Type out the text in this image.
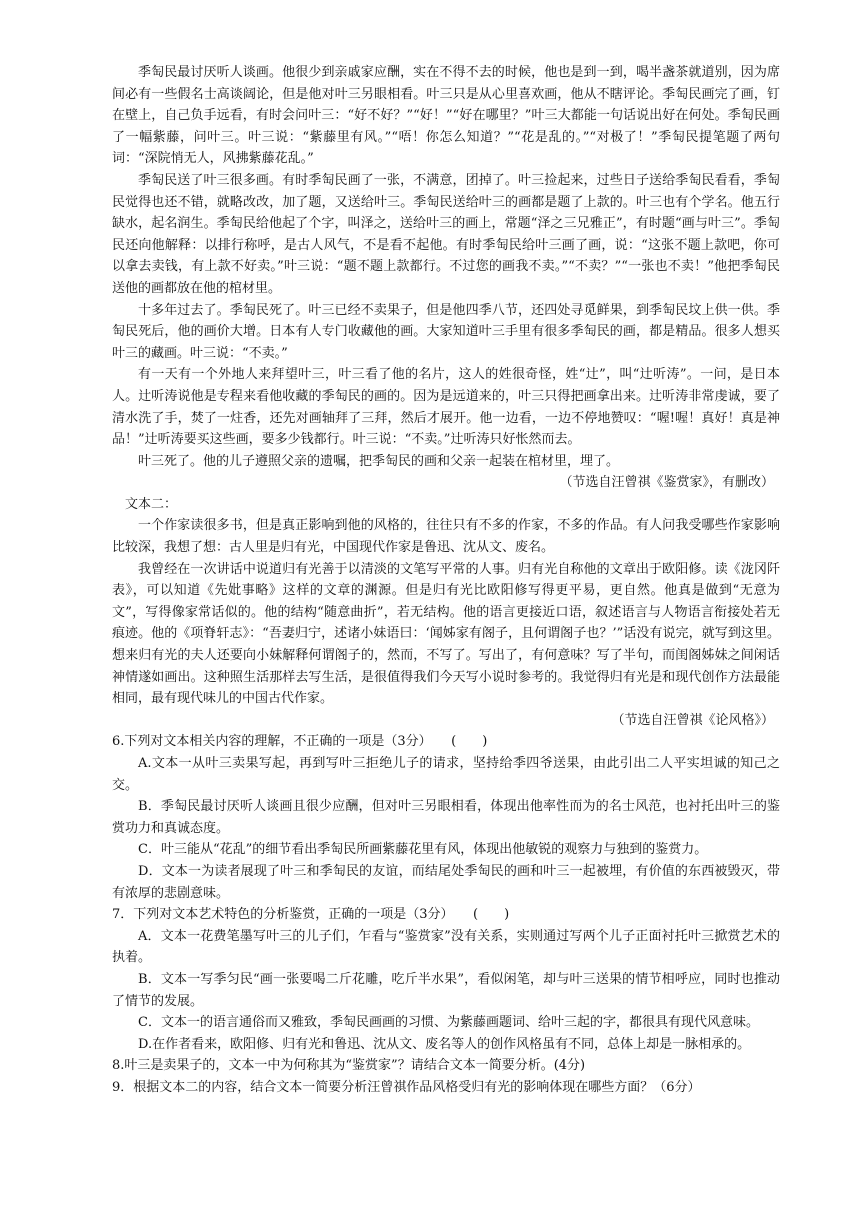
季匋民最讨厌听人谈画。他很少到亲戚家应酬，实在不得不去的时候，他也是到一到，喝半盏茶就道别，因为席间必有一些假名士高谈阔论，但是他对叶三另眼相看。叶三只是从心里喜欢画，他从不瞎评论。季匋民画完了画，钉在壁上，自己负手远看，有时会问叶三：“好不好？”“好！”“好在哪里？”叶三大都能一句话说出好在何处。季匋民画了一幅紫藤，问叶三。叶三说：“紫藤里有风。”“唔！你怎么知道？”“花是乱的。”“对极了！”季匋民提笔题了两句词：“深院悄无人，风拂紫藤花乱。”

季匋民送了叶三很多画。有时季匋民画了一张，不满意，团掉了。叶三捡起来，过些日子送给季匋民看看，季匋民觉得也还不错，就略改改，加了题，又送给叶三。季匋民送给叶三的画都是题了上款的。叶三也有个学名。他五行缺水，起名润生。季匋民给他起了个字，叫泽之，送给叶三的画上，常题“泽之三兄雅正”，有时题“画与叶三”。季匋民还向他解释：以排行称呼，是古人风气，不是看不起他。有时季匋民给叶三画了画，说：“这张不题上款吧，你可以拿去卖钱，有上款不好卖。”叶三说：“题不题上款都行。不过您的画我不卖。”“不卖？”“一张也不卖！”他把季匋民送他的画都放在他的棺材里。

十多年过去了。季匋民死了。叶三已经不卖果子，但是他四季八节，还四处寻觅鲜果，到季匋民坟上供一供。季匋民死后，他的画价大增。日本有人专门收藏他的画。大家知道叶三手里有很多季匋民的画，都是精品。很多人想买叶三的藏画。叶三说：“不卖。”

有一天有一个外地人来拜望叶三，叶三看了他的名片，这人的姓很奇怪，姓“辻”，叫“辻听涛”。一问，是日本人。辻听涛说他是专程来看他收藏的季匋民的画的。因为是远道来的，叶三只得把画拿出来。辻听涛非常虔诚，要了清水洗了手，焚了一炷香，还先对画轴拜了三拜，然后才展开。他一边看，一边不停地赞叹：“喔!喔！真好！真是神品！”辻听涛要买这些画，要多少钱都行。叶三说：“不卖。”辻听涛只好怅然而去。

叶三死了。他的儿子遵照父亲的遗嘱，把季匋民的画和父亲一起装在棺材里，埋了。

（节选自汪曾祺《鉴赏家》，有删改）

文本二：

一个作家读很多书，但是真正影响到他的风格的，往往只有不多的作家，不多的作品。有人问我受哪些作家影响比较深，我想了想：古人里是归有光，中国现代作家是鲁迅、沈从文、废名。

我曾经在一次讲话中说道归有光善于以清淡的文笔写平常的人事。归有光自称他的文章出于欧阳修。读《泷冈阡表》，可以知道《先妣事略》这样的文章的渊源。但是归有光比欧阳修写得更平易，更自然。他真是做到“无意为文”，写得像家常话似的。他的结构“随意曲折”，若无结构。他的语言更接近口语，叙述语言与人物语言衔接处若无痕迹。他的《项脊轩志》：“吾妻归宁，述诸小妹语曰：‘闻姊家有阁子，且何谓阁子也？’”话没有说完，就写到这里。想来归有光的夫人还要向小妹解释何谓阁子的，然而，不写了。写出了，有何意味？写了半句，而闺阁姊妹之间闲话神情遂如画出。这种照生活那样去写生活，是很值得我们今天写小说时参考的。我觉得归有光是和现代创作方法最能相同，最有现代味儿的中国古代作家。

（节选自汪曾祺《论风格》）

6.下列对文本相关内容的理解，不正确的一项是（3分）　　(　　)

A.文本一从叶三卖果写起，再到写叶三拒绝儿子的请求，坚持给季四爷送果，由此引出二人平实坦诚的知己之交。

B．季匋民最讨厌听人谈画且很少应酬，但对叶三另眼相看，体现出他率性而为的名士风范，也衬托出叶三的鉴赏功力和真诚态度。

C．叶三能从“花乱”的细节看出季匋民所画紫藤花里有风，体现出他敏锐的观察力与独到的鉴赏力。

D．文本一为读者展现了叶三和季匋民的友谊，而结尾处季匋民的画和叶三一起被埋，有价值的东西被毁灭，带有浓厚的悲剧意味。

7．下列对文本艺术特色的分析鉴赏，正确的一项是（3分）　　(　　)

A．文本一花费笔墨写叶三的儿子们，乍看与“鉴赏家”没有关系，实则通过写两个儿子正面衬托叶三掀赏艺术的执着。

B．文本一写季匀民“画一张要喝二斤花雕，吃斤半水果”，看似闲笔，却与叶三送果的情节相呼应，同时也推动了情节的发展。

C．文本一的语言通俗而又雅致，季匋民画画的习惯、为紫藤画题词、给叶三起的字，都很具有现代风意味。

D.在作者看来，欧阳修、归有光和鲁迅、沈从文、废名等人的创作风格虽有不同，总体上却是一脉相承的。

8.叶三是卖果子的，文本一中为何称其为“鉴赏家”？请结合文本一简要分析。(4分)

9．根据文本二的内容，结合文本一简要分析汪曾祺作品风格受归有光的影响体现在哪些方面？（6分）
